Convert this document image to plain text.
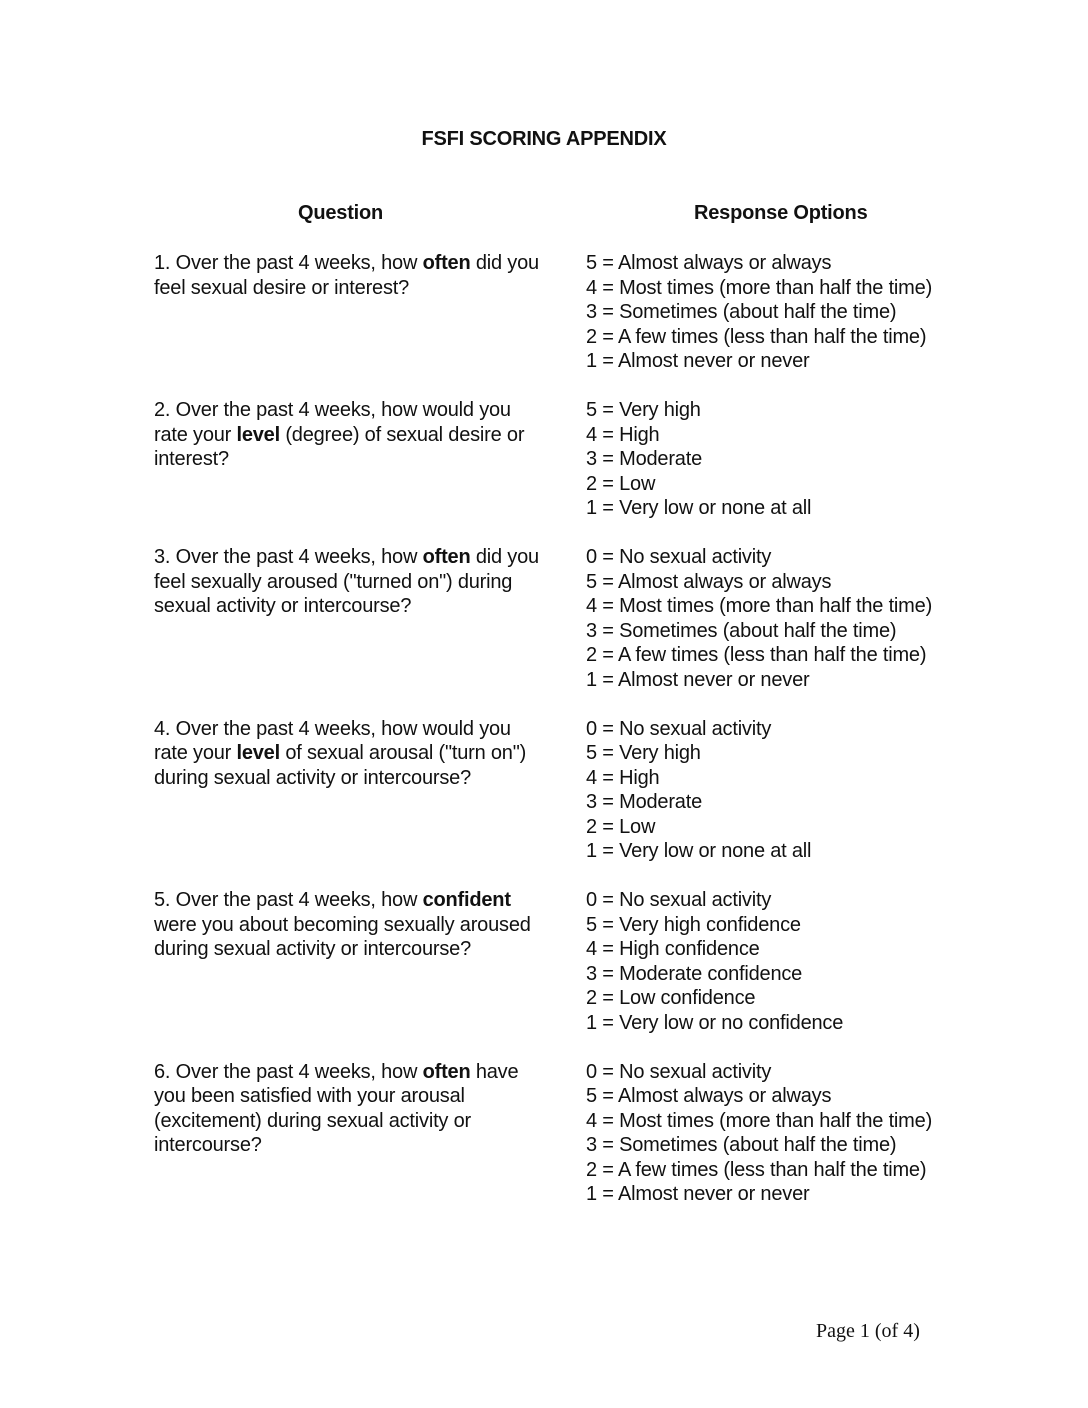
FSFI SCORING APPENDIX
Question	Response Options
1. Over the past 4 weeks, how often did you feel sexual desire or interest?
5 = Almost always or always
4 = Most times (more than half the time)
3 = Sometimes (about half the time)
2 = A few times (less than half the time)
1 = Almost never or never
2. Over the past 4 weeks, how would you rate your level (degree) of sexual desire or interest?
5 = Very high
4 = High
3 = Moderate
2 = Low
1 = Very low or none at all
3. Over the past 4 weeks, how often did you feel sexually aroused ("turned on") during sexual activity or intercourse?
0 = No sexual activity
5 = Almost always or always
4 = Most times (more than half the time)
3 = Sometimes (about half the time)
2 = A few times (less than half the time)
1 = Almost never or never
4. Over the past 4 weeks, how would you rate your level of sexual arousal ("turn on") during sexual activity or intercourse?
0 = No sexual activity
5 = Very high
4 = High
3 = Moderate
2 = Low
1 = Very low or none at all
5. Over the past 4 weeks, how confident were you about becoming sexually aroused during sexual activity or intercourse?
0 = No sexual activity
5 = Very high confidence
4 = High confidence
3 = Moderate confidence
2 = Low confidence
1 = Very low or no confidence
6. Over the past 4 weeks, how often have you been satisfied with your arousal (excitement) during sexual activity or intercourse?
0 = No sexual activity
5 = Almost always or always
4 = Most times (more than half the time)
3 = Sometimes (about half the time)
2 = A few times (less than half the time)
1 = Almost never or never
Page 1 (of 4)
